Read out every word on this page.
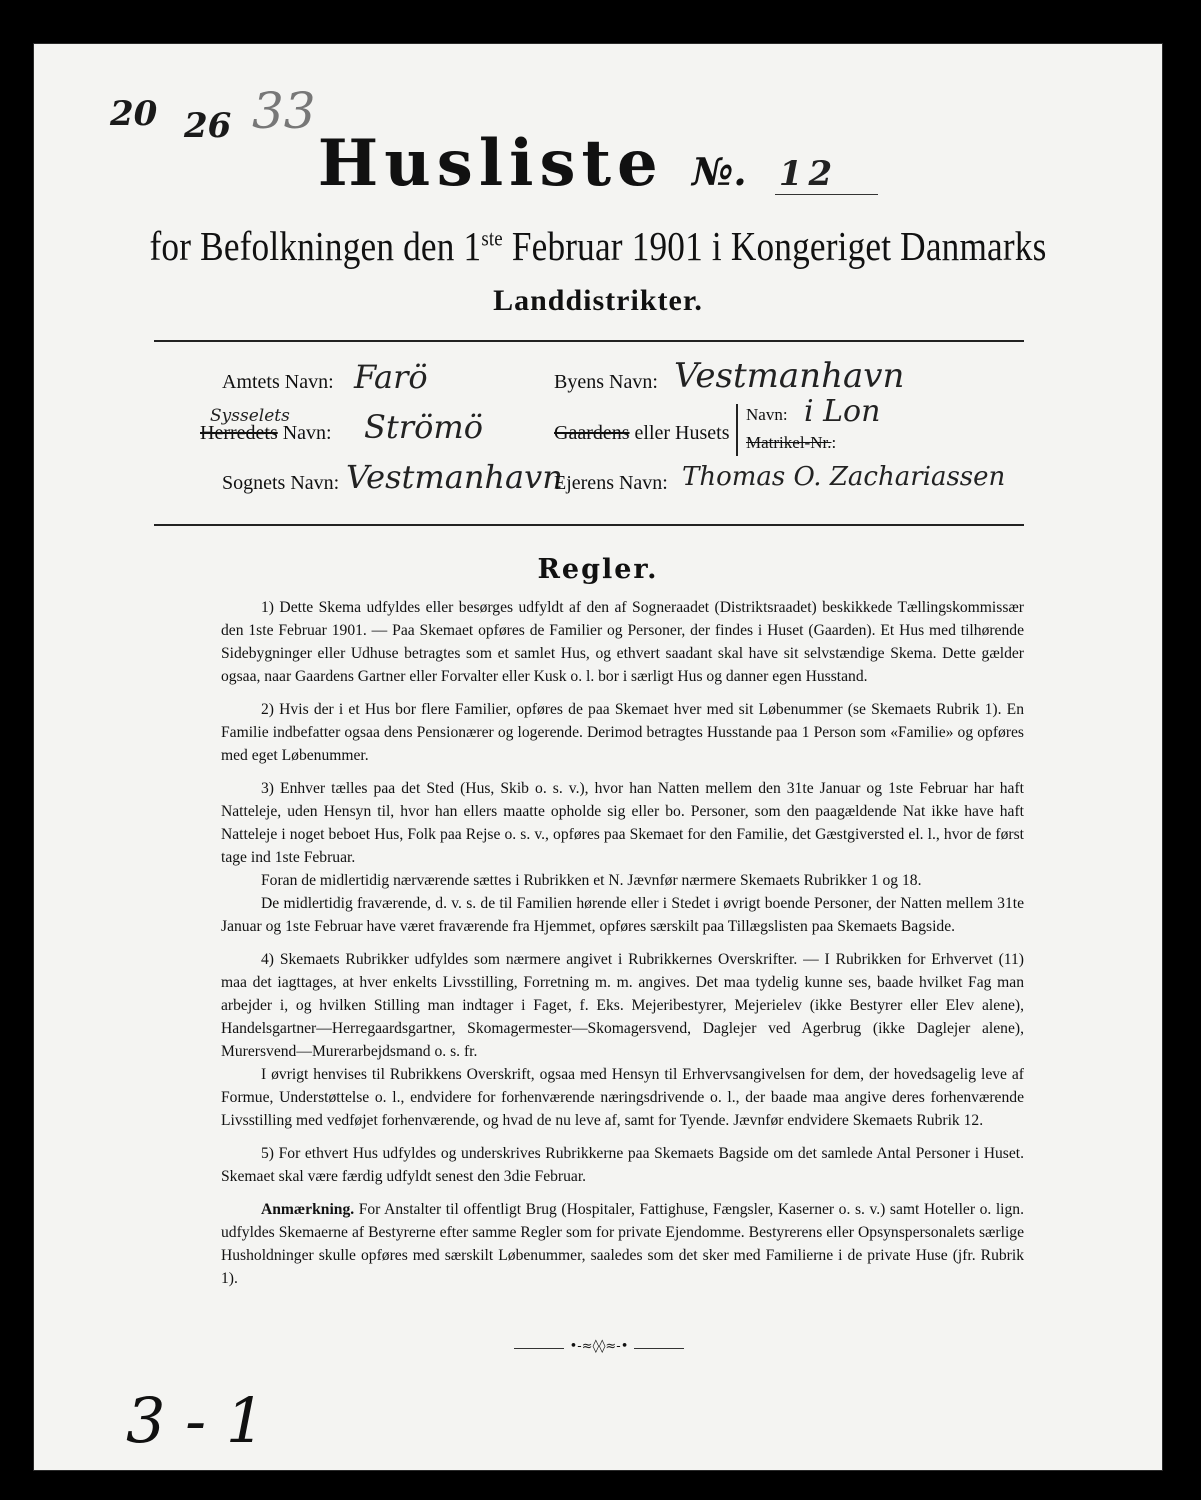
20 26 33
Husliste №. 12
for Befolkningen den 1ste Februar 1901 i Kongeriget Danmarks
Landdistrikter.
Amtets Navn: Farö
Sysselets
Herredets Navn: Strömö
Sognets Navn: Vestmanhavn
Byens Navn: Vestmanhavn
Gaardens eller Husets
Navn: i Lon
Matrikel-Nr.:
Ejerens Navn: Thomas O. Zachariassen
Regler.

1) Dette Skema udfyldes eller besørges udfyldt af den af Sogneraadet (Distriktsraadet) beskikkede Tællingskommissær den 1ste Februar 1901. — Paa Skemaet opføres de Familier og Personer, der findes i Huset (Gaarden). Et Hus med tilhørende Sidebygninger eller Udhuse betragtes som et samlet Hus, og ethvert saadant skal have sit selvstændige Skema. Dette gælder ogsaa, naar Gaardens Gartner eller Forvalter eller Kusk o. l. bor i særligt Hus og danner egen Husstand.

2) Hvis der i et Hus bor flere Familier, opføres de paa Skemaet hver med sit Løbenummer (se Skemaets Rubrik 1). En Familie indbefatter ogsaa dens Pensionærer og logerende. Derimod betragtes Husstande paa 1 Person som «Familie» og opføres med eget Løbenummer.

3) Enhver tælles paa det Sted (Hus, Skib o. s. v.), hvor han Natten mellem den 31te Januar og 1ste Februar har haft Natteleje, uden Hensyn til, hvor han ellers maatte opholde sig eller bo. Personer, som den paagældende Nat ikke have haft Natteleje i noget beboet Hus, Folk paa Rejse o. s. v., opføres paa Skemaet for den Familie, det Gæstgiversted el. l., hvor de først tage ind 1ste Februar.

Foran de midlertidig nærværende sættes i Rubrikken et N. Jævnfør nærmere Skemaets Rubrikker 1 og 18.

De midlertidig fraværende, d. v. s. de til Familien hørende eller i Stedet i øvrigt boende Personer, der Natten mellem 31te Januar og 1ste Februar have været fraværende fra Hjemmet, opføres særskilt paa Tillægslisten paa Skemaets Bagside.

4) Skemaets Rubrikker udfyldes som nærmere angivet i Rubrikkernes Overskrifter. — I Rubrikken for Erhvervet (11) maa det iagttages, at hver enkelts Livsstilling, Forretning m. m. angives. Det maa tydelig kunne ses, baade hvilket Fag man arbejder i, og hvilken Stilling man indtager i Faget, f. Eks. Mejeribestyrer, Mejerielev (ikke Bestyrer eller Elev alene), Handelsgartner—Herregaardsgartner, Skomagermester—Skomagersvend, Daglejer ved Agerbrug (ikke Daglejer alene), Murersvend—Murerarbejdsmand o. s. fr.

I øvrigt henvises til Rubrikkens Overskrift, ogsaa med Hensyn til Erhvervsangivelsen for dem, der hovedsagelig leve af Formue, Understøttelse o. l., endvidere for forhenværende næringsdrivende o. l., der baade maa angive deres forhenværende Livsstilling med vedføjet forhenværende, og hvad de nu leve af, samt for Tyende. Jævnfør endvidere Skemaets Rubrik 12.

5) For ethvert Hus udfyldes og underskrives Rubrikkerne paa Skemaets Bagside om det samlede Antal Personer i Huset. Skemaet skal være færdig udfyldt senest den 3die Februar.

Anmærkning. For Anstalter til offentligt Brug (Hospitaler, Fattighuse, Fængsler, Kaserner o. s. v.) samt Hoteller o. lign. udfyldes Skemaerne af Bestyrerne efter samme Regler som for private Ejendomme. Bestyrerens eller Opsynspersonalets særlige Husholdninger skulle opføres med særskilt Løbenummer, saaledes som det sker med Familierne i de private Huse (jfr. Rubrik 1).

•-≈◊◊≈-•
3 - 1
